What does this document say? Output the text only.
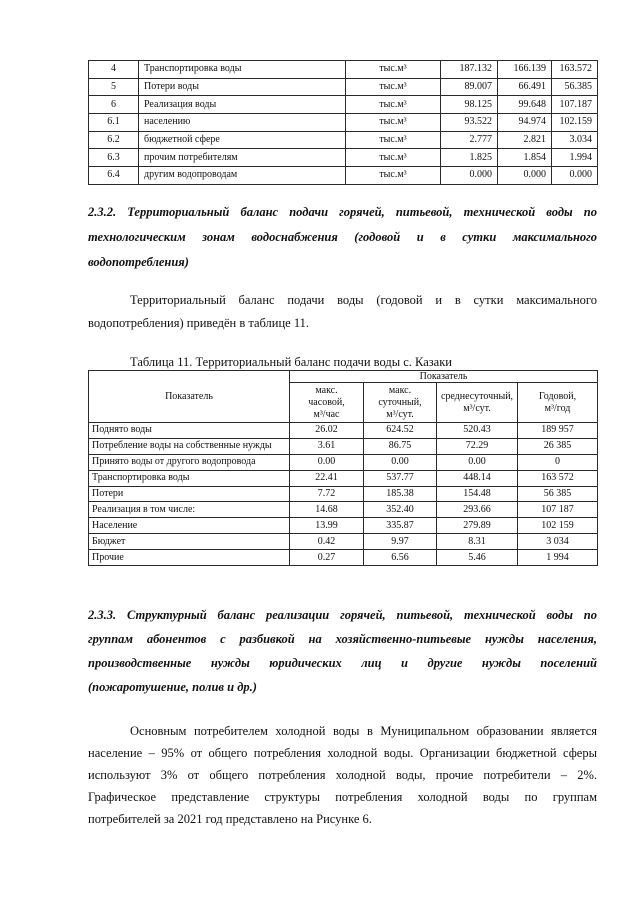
4	Транспортировка воды	тыс.м³	187.132	166.139	163.572
5	Потери воды	тыс.м³	89.007	66.491	56.385
6	Реализация воды	тыс.м³	98.125	99.648	107.187
6.1	населению	тыс.м³	93.522	94.974	102.159
6.2	бюджетной сфере	тыс.м³	2.777	2.821	3.034
6.3	прочим потребителям	тыс.м³	1.825	1.854	1.994
6.4	другим водопроводам	тыс.м³	0.000	0.000	0.000
2.3.2. Территориальный баланс подачи горячей, питьевой, технической воды по
технологическим зонам водоснабжения (годовой и в сутки максимального
водопотребления)
Территориальный баланс подачи воды (годовой и в сутки максимального
водопотребления) приведён в таблице 11.
Таблица 11. Территориальный баланс подачи воды с. Казаки
Показатель	Показатель			

	макс.
часовой,
м³/час	макс.
суточный,
м³/сут.	среднесуточный,
м³/сут.	Годовой,
м³/год

Поднято воды	26.02	624.52	520.43	189 957
Потребление воды на собственные нужды	3.61	86.75	72.29	26 385
Принято воды от другого водопровода	0.00	0.00	0.00	0
Транспортировка воды	22.41	537.77	448.14	163 572
Потери	7.72	185.38	154.48	56 385
Реализация в том числе:	14.68	352.40	293.66	107 187
Население	13.99	335.87	279.89	102 159
Бюджет	0.42	9.97	8.31	3 034
Прочие	0.27	6.56	5.46	1 994
2.3.3. Структурный баланс реализации горячей, питьевой, технической воды по
группам абонентов с разбивкой на хозяйственно-питьевые нужды населения,
производственные нужды юридических лиц и другие нужды поселений
(пожаротушение, полив и др.)
Основным потребителем холодной воды в Муниципальном образовании является
население – 95% от общего потребления холодной воды. Организации бюджетной сферы
используют 3% от общего потребления холодной воды, прочие потребители – 2%.
Графическое представление структуры потребления холодной воды по группам
потребителей за 2021 год представлено на Рисунке 6.
